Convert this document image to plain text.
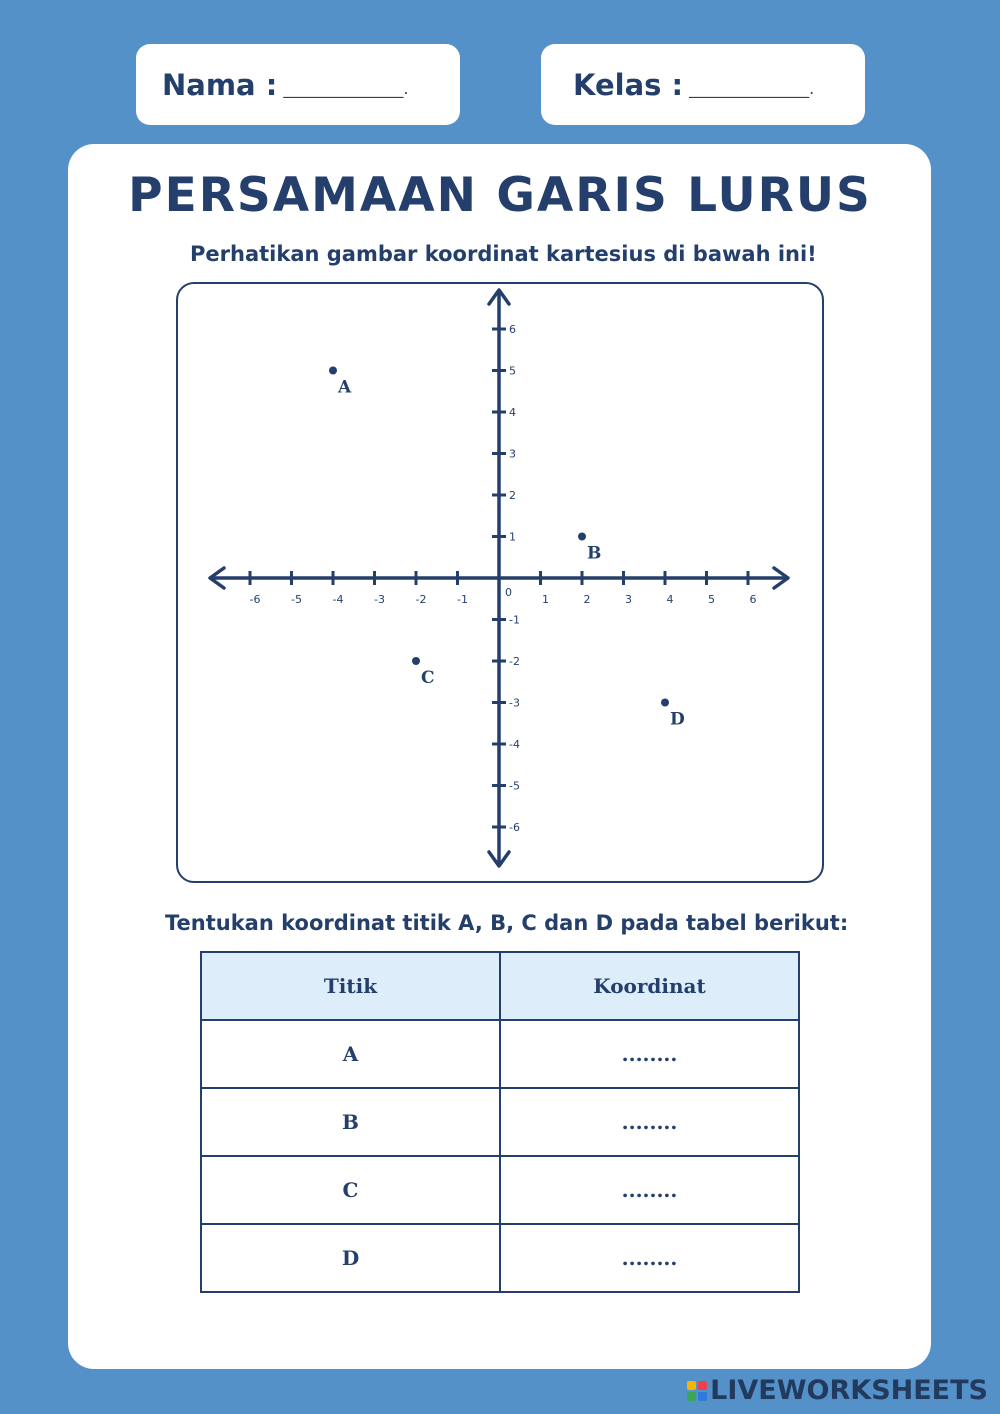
Nama : _______________.	Kelas : _______________.
PERSAMAAN GARIS LURUS
Perhatikan gambar koordinat kartesius di bawah ini!
-6	-5	-4	-3	-2	-1	1	2	3	4	5	6
6
5
4
3
2
1
-1
-2
-3
-4
-5
-6
0
A
B
C
D
Tentukan koordinat titik A, B, C dan D pada tabel berikut:
Titik	Koordinat
A	........
B	........
C	........
D	........
LIVEWORKSHEETS
